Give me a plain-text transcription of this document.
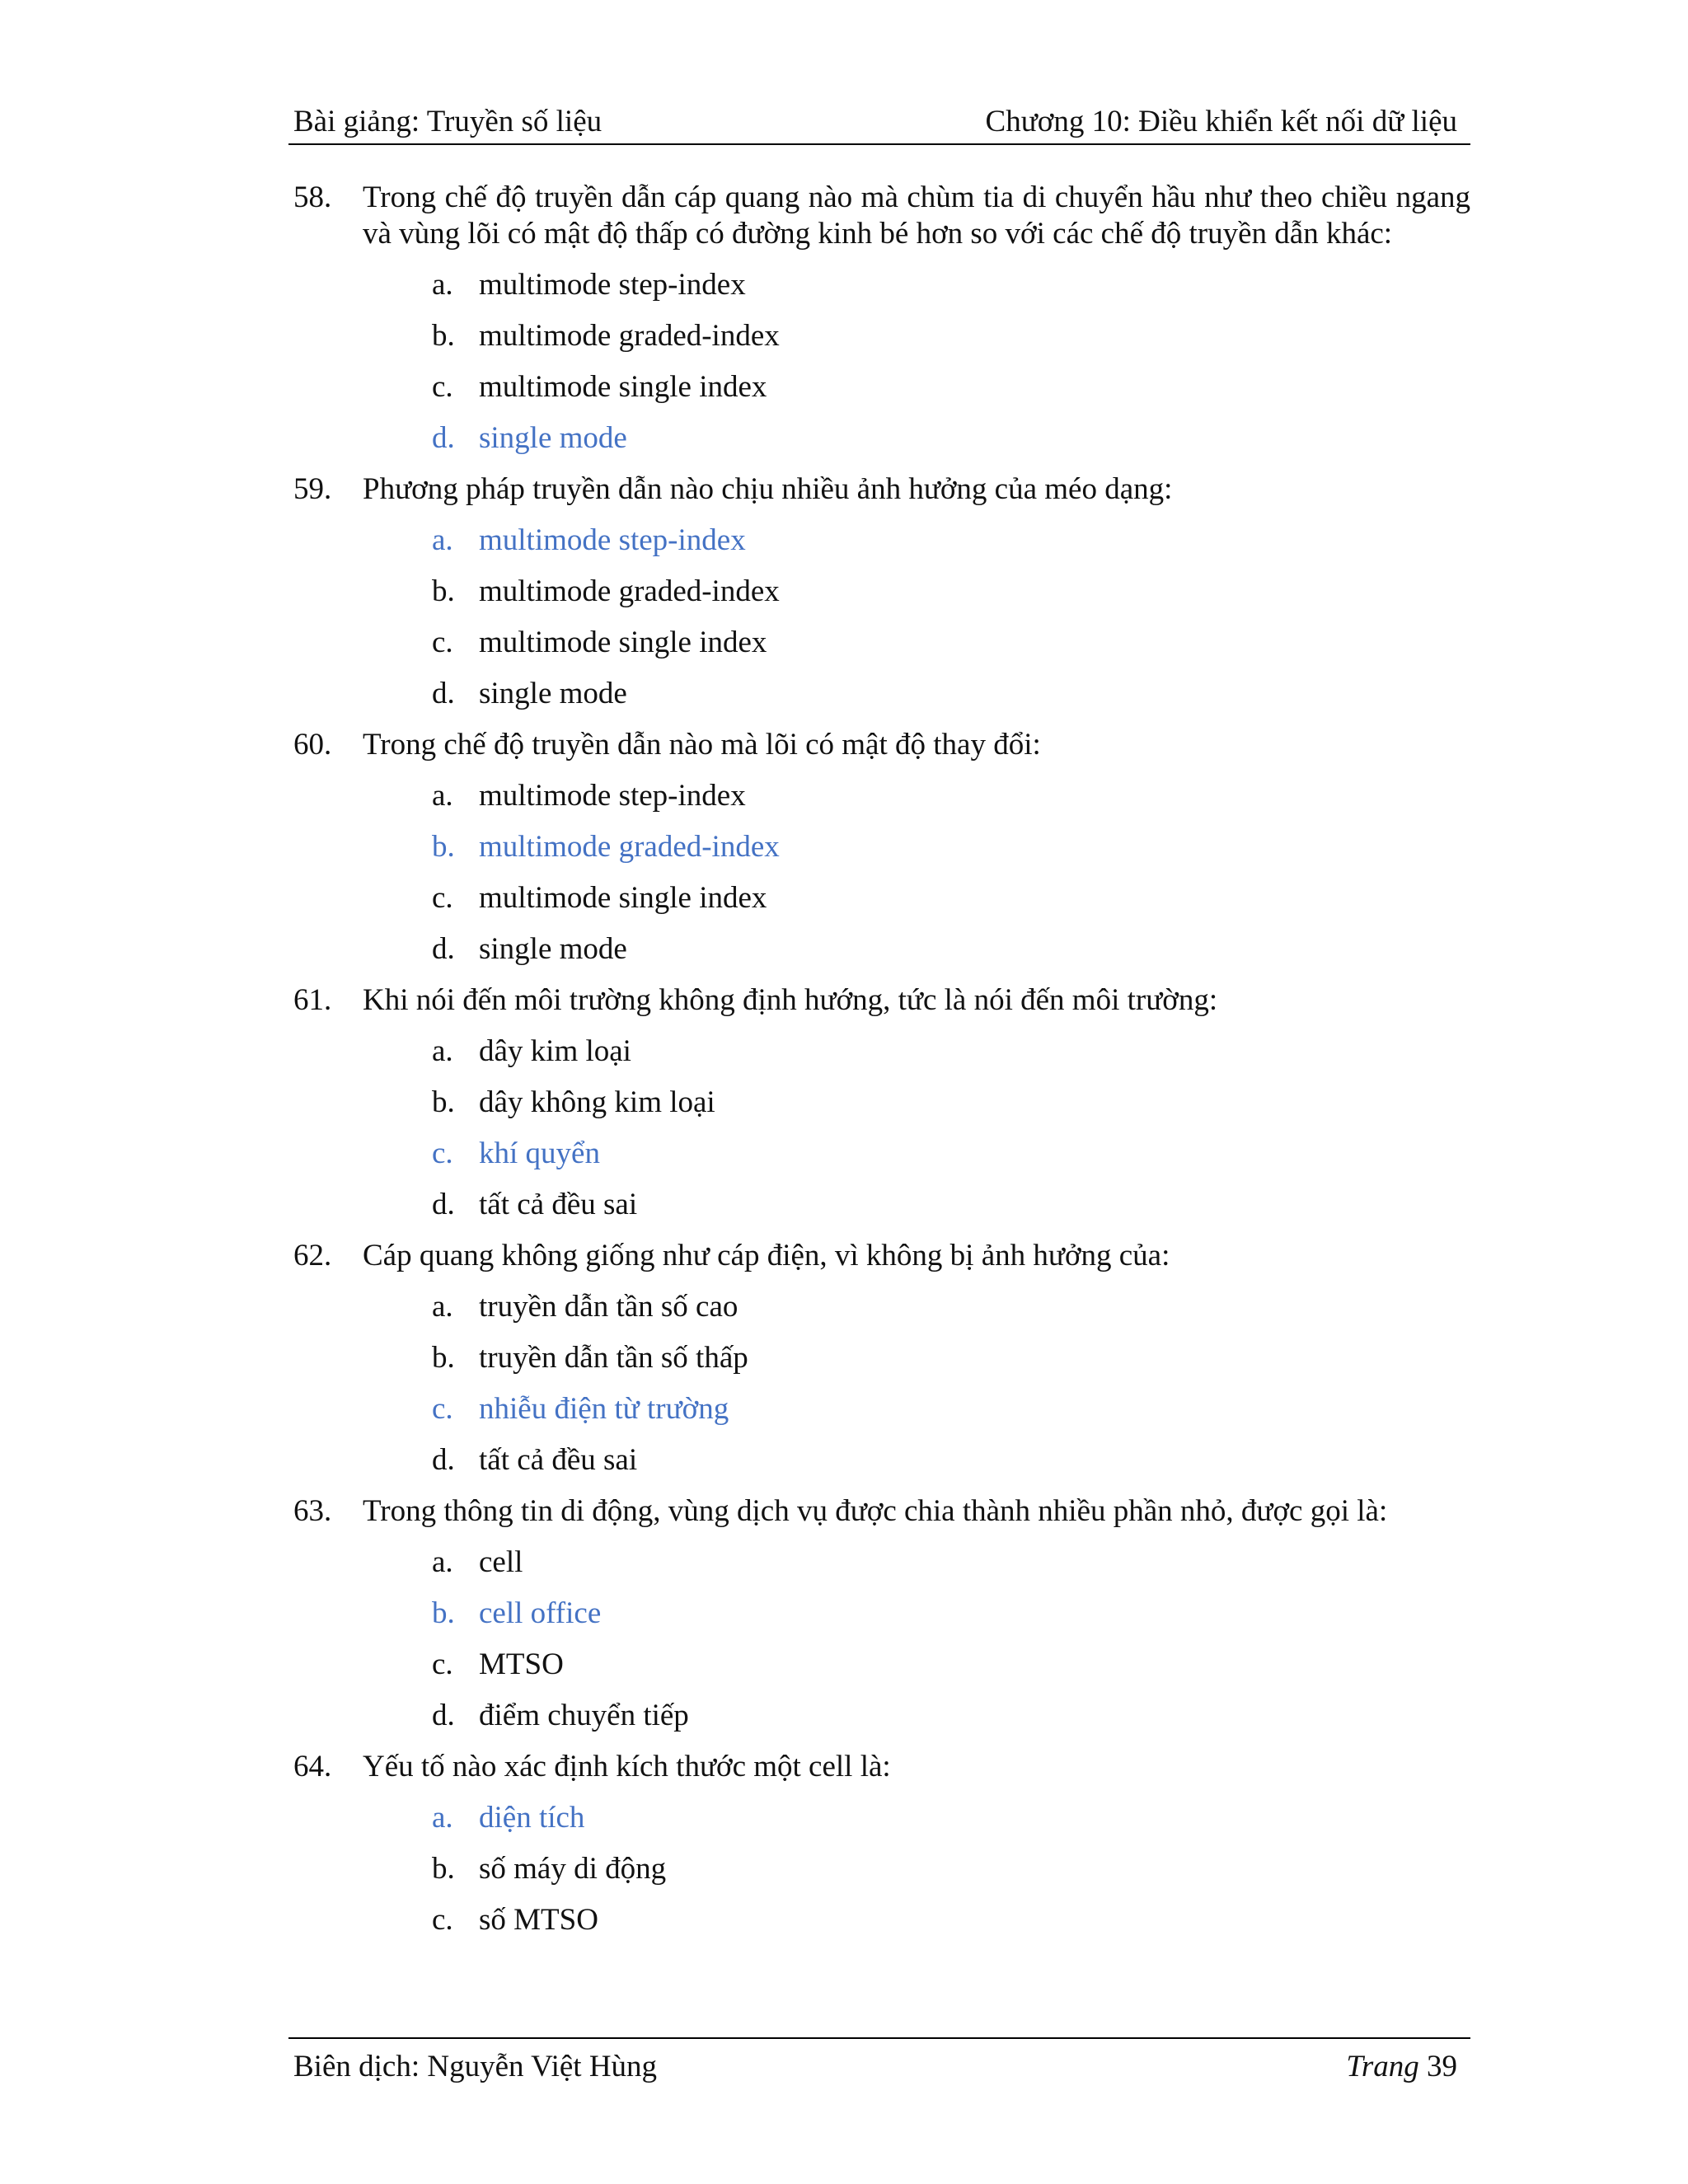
Bài giảng: Truyền số liệu	Chương 10: Điều khiển kết nối dữ liệu
58. Trong chế độ truyền dẫn cáp quang nào mà chùm tia di chuyển hầu như theo chiều ngang và vùng lõi có mật độ thấp có đường kinh bé hơn so với các chế độ truyền dẫn khác:
a. multimode step-index
b. multimode graded-index
c. multimode single index
d. single mode
59. Phương pháp truyền dẫn nào chịu nhiều ảnh hưởng của méo dạng:
a. multimode step-index
b. multimode graded-index
c. multimode single index
d. single mode
60. Trong chế độ truyền dẫn nào mà lõi có mật độ thay đổi:
a. multimode step-index
b. multimode graded-index
c. multimode single index
d. single mode
61. Khi nói đến môi trường không định hướng, tức là nói đến môi trường:
a. dây kim loại
b. dây không kim loại
c. khí quyển
d. tất cả đều sai
62. Cáp quang không giống như cáp điện, vì không bị ảnh hưởng của:
a. truyền dẫn tần số cao
b. truyền dẫn tần số thấp
c. nhiễu điện từ trường
d. tất cả đều sai
63. Trong thông tin di động, vùng dịch vụ được chia thành nhiều phần nhỏ, được gọi là:
a. cell
b. cell office
c. MTSO
d. điểm chuyển tiếp
64. Yếu tố nào xác định kích thước một cell là:
a. diện tích
b. số máy di động
c. số MTSO
Biên dịch: Nguyễn Việt Hùng	Trang 39
